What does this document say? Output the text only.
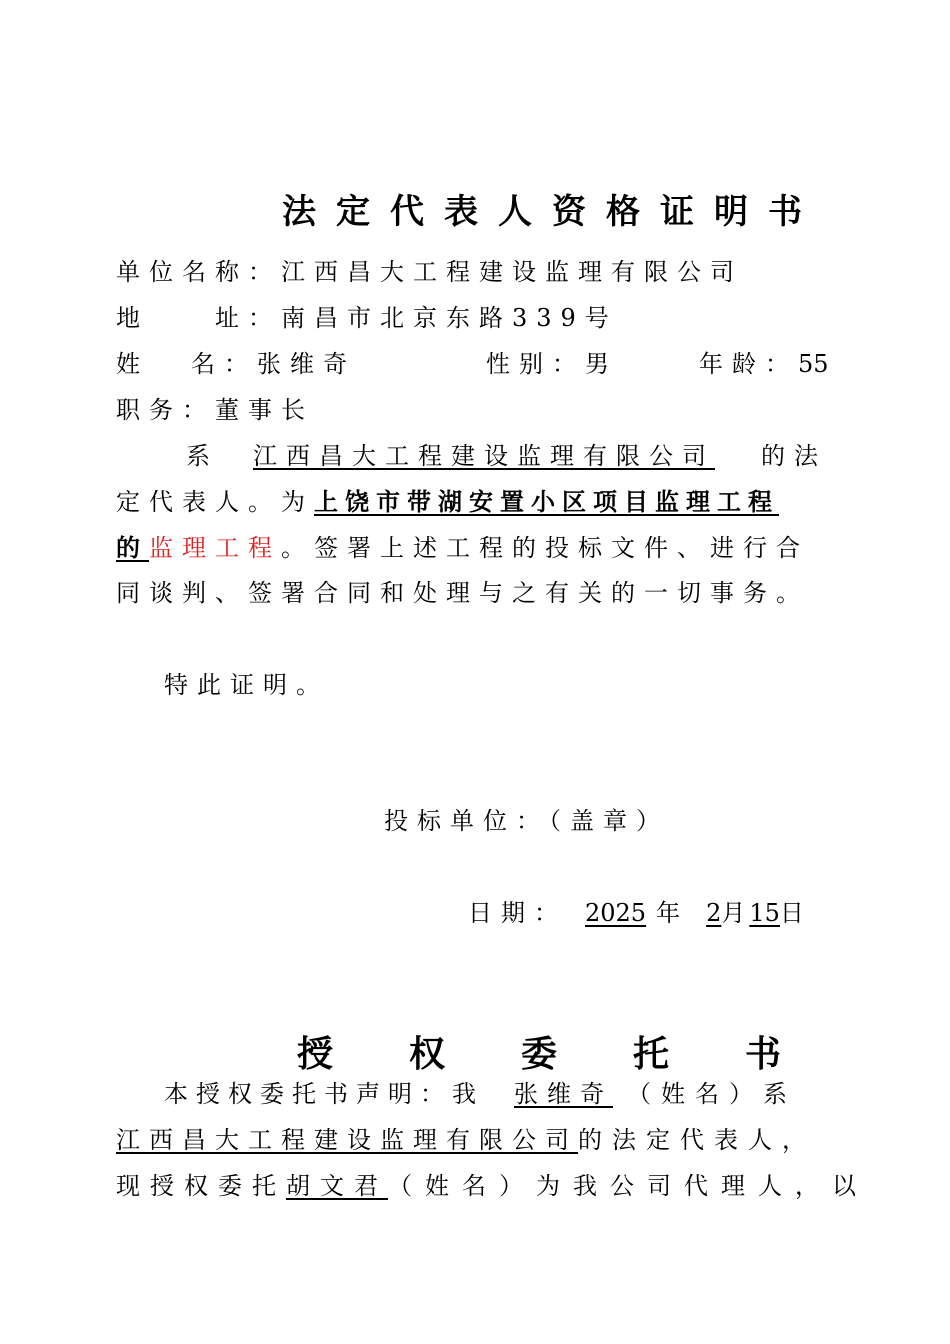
法定代表人资格证明书
单位名称：江西昌大工程建设监理有限公司
地	址：南昌市北京东路339号
姓 名：张维奇	性别：男	年龄：55
职务：董事长
系 江西昌大工程建设监理有限公司 的法
定代表人。为上饶市带湖安置小区项目监理工程
的监理工程。签署上述工程的投标文件、进行合
同谈判、签署合同和处理与之有关的一切事务。
特此证明。
投标单位：（盖章）
日期： 2025 年 2月 15日
授权委托书
本授权委托书声明：我 张维奇 （姓名）系
江西昌大工程建设监理有限公司的法定代表人，
现授权委托胡文君（姓名）为我公司代理人，以
